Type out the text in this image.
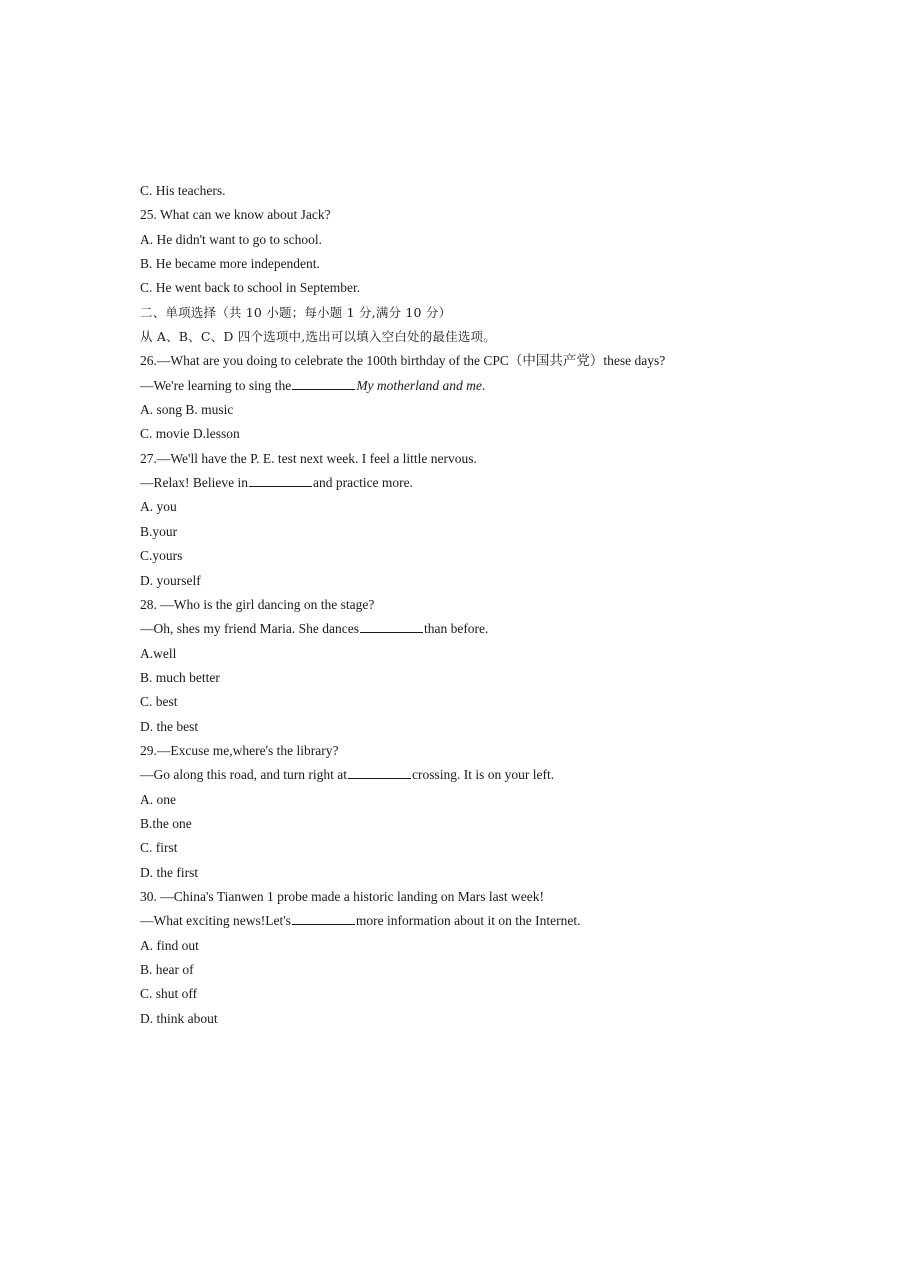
C. His teachers.
25. What can we know about Jack?
A. He didn't want to go to school.
B. He became more independent.
C. He went back to school in September.
二、单项选择（共 10 小题；每小题 1 分,满分 10 分）
从 A、B、C、D 四个选项中,选出可以填入空白处的最佳选项。
26.—What are you doing to celebrate the 100th birthday of the CPC（中国共产党）these days?
—We're learning to sing the	My motherland and me.
A. song B. music
C. movie D.lesson
27.—We'll have the P. E. test next week. I feel a little nervous.
—Relax! Believe in	and practice more.
A. you
B.your
C.yours
D. yourself
28. —Who is the girl dancing on the stage?
—Oh, shes my friend Maria. She dances	than before.
A.well
B. much better
C. best
D. the best
29.—Excuse me,where's the library?
—Go along this road, and turn right at	crossing. It is on your left.
A. one
B.the one
C. first
D. the first
30. —China's Tianwen 1 probe made a historic landing on Mars last week!
—What exciting news!Let's	more information about it on the Internet.
A. find out
B. hear of
C. shut off
D. think about
